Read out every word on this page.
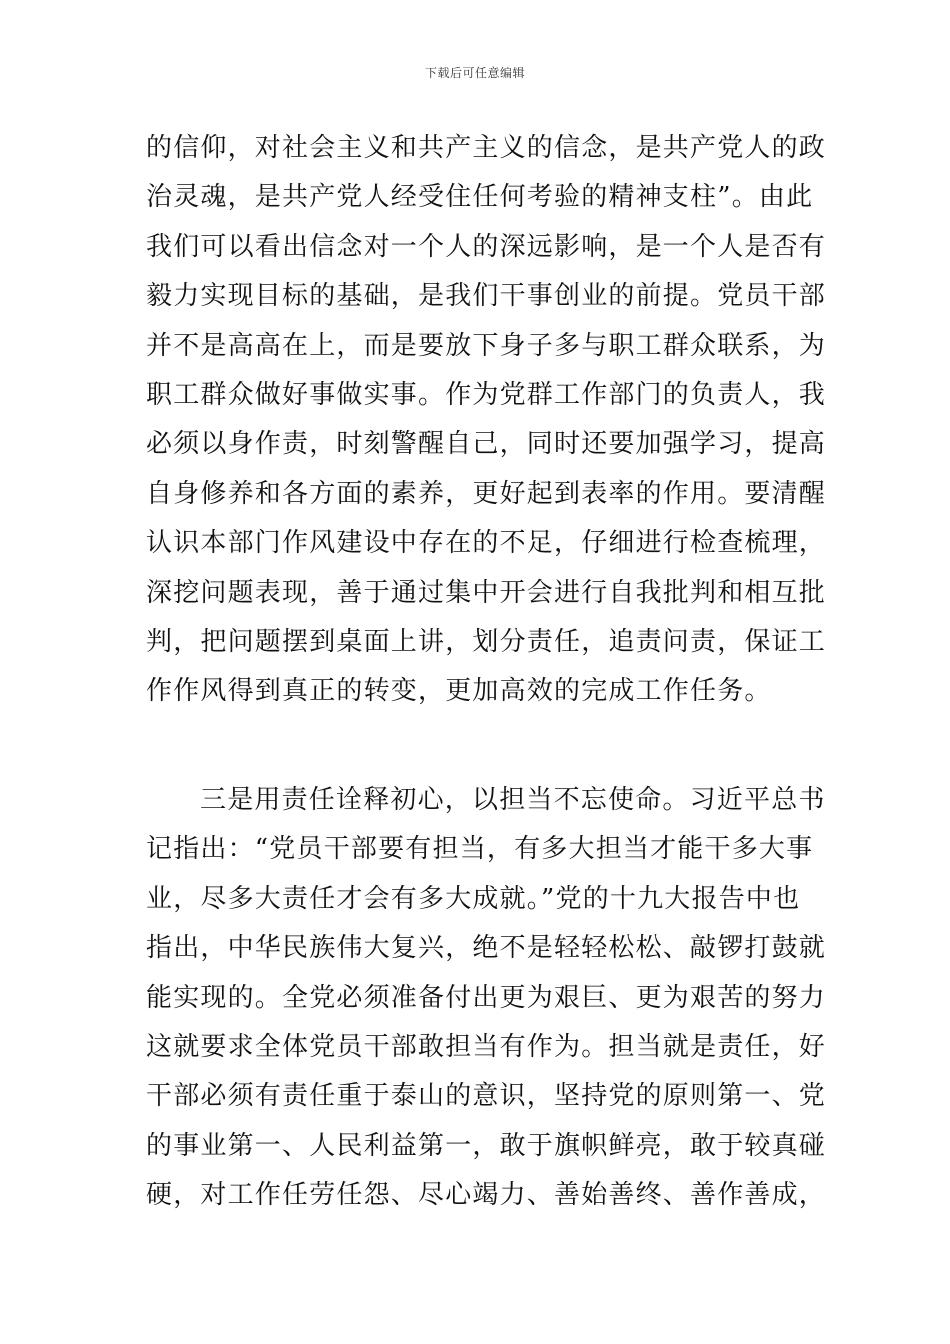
下载后可任意编辑
的信仰，对社会主义和共产主义的信念，是共产党人的政
治灵魂，是共产党人经受住任何考验的精神支柱”。由此
我们可以看出信念对一个人的深远影响，是一个人是否有
毅力实现目标的基础，是我们干事创业的前提。党员干部
并不是高高在上，而是要放下身子多与职工群众联系，为
职工群众做好事做实事。作为党群工作部门的负责人，我
必须以身作责，时刻警醒自己，同时还要加强学习，提高
自身修养和各方面的素养，更好起到表率的作用。要清醒
认识本部门作风建设中存在的不足，仔细进行检查梳理，
深挖问题表现，善于通过集中开会进行自我批判和相互批
判，把问题摆到桌面上讲，划分责任，追责问责，保证工
作作风得到真正的转变，更加高效的完成工作任务。
三是用责任诠释初心，以担当不忘使命。习近平总书
记指出：“党员干部要有担当，有多大担当才能干多大事
业，尽多大责任才会有多大成就。”党的十九大报告中也
指出，中华民族伟大复兴，绝不是轻轻松松、敲锣打鼓就
能实现的。全党必须准备付出更为艰巨、更为艰苦的努力
这就要求全体党员干部敢担当有作为。担当就是责任，好
干部必须有责任重于泰山的意识，坚持党的原则第一、党
的事业第一、人民利益第一，敢于旗帜鲜亮，敢于较真碰
硬，对工作任劳任怨、尽心竭力、善始善终、善作善成，
